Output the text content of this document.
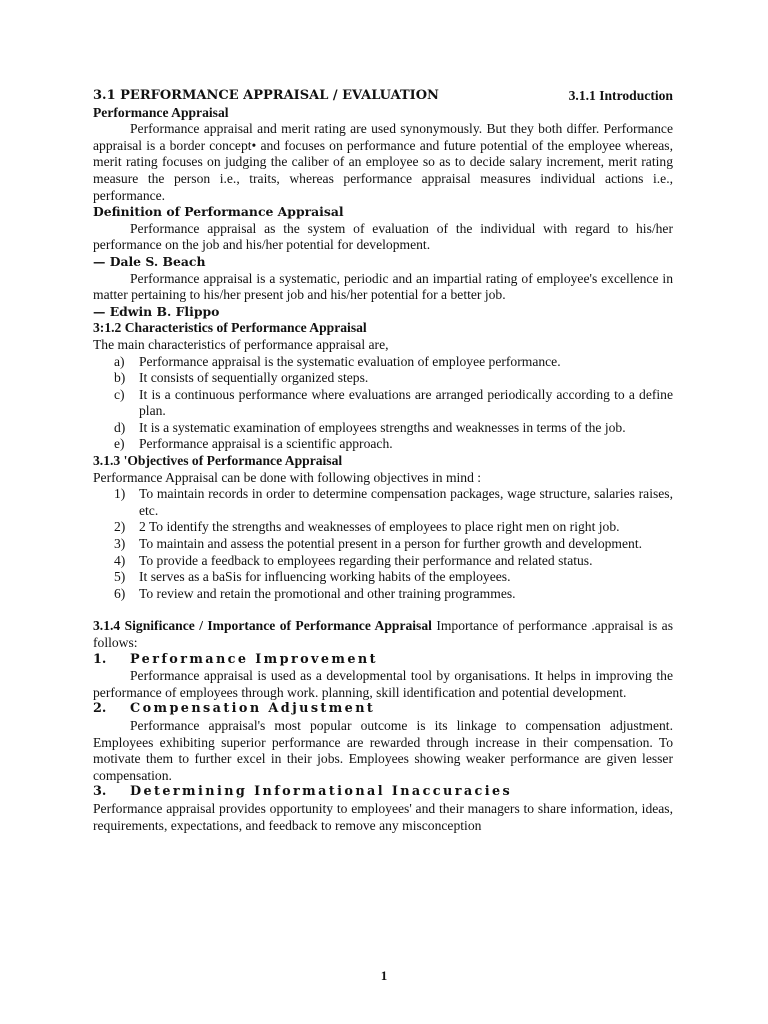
3.1 PERFORMANCE APPRAISAL / EVALUATION	3.1.1 Introduction

Performance Appraisal

Performance appraisal and merit rating are used synonymously. But they both differ. Performance appraisal is a border concept• and focuses on performance and future potential of the employee whereas, merit rating focuses on judging the caliber of an employee so as to decide salary increment, merit rating measure the person i.e., traits, whereas performance appraisal measures individual actions i.e., performance.

Definition of Performance Appraisal

Performance appraisal as the system of evaluation of the individual with regard to his/her performance on the job and his/her potential for development.

— Dale S. Beach

Performance appraisal is a systematic, periodic and an impartial rating of employee's excellence in matter pertaining to his/her present job and his/her potential for a better job.

— Edwin B. Flippo

3:1.2 Characteristics of Performance Appraisal

The main characteristics of performance appraisal are,

a) Performance appraisal is the systematic evaluation of employee performance.
b) It consists of sequentially organized steps.
c) It is a continuous performance where evaluations are arranged periodically according to a define plan.
d) It is a systematic examination of employees strengths and weaknesses in terms of the job.
e) Performance appraisal is a scientific approach.

3.1.3 'Objectives of Performance Appraisal

Performance Appraisal can be done with following objectives in mind :

1) To maintain records in order to determine compensation packages, wage structure, salaries raises, etc.
2) 2 To identify the strengths and weaknesses of employees to place right men on right job.
3) To maintain and assess the potential present in a person for further growth and development.
4) To provide a feedback to employees regarding their performance and related status.
5) It serves as a baSis for influencing working habits of the employees.
6) To review and retain the promotional and other training programmes.

3.1.4 Significance / Importance of Performance Appraisal Importance of performance .appraisal is as follows:

1. Performance Improvement

Performance appraisal is used as a developmental tool by organisations. It helps in improving the performance of employees through work. planning, skill identification and potential development.

2. Compensation Adjustment

Performance appraisal's most popular outcome is its linkage to compensation adjustment. Employees exhibiting superior performance are rewarded through increase in their compensation. To motivate them to further excel in their jobs. Employees showing weaker performance are given lesser compensation.

3. Determining Informational Inaccuracies

Performance appraisal provides opportunity to employees' and their managers to share information, ideas, requirements, expectations, and feedback to remove any misconception

1
